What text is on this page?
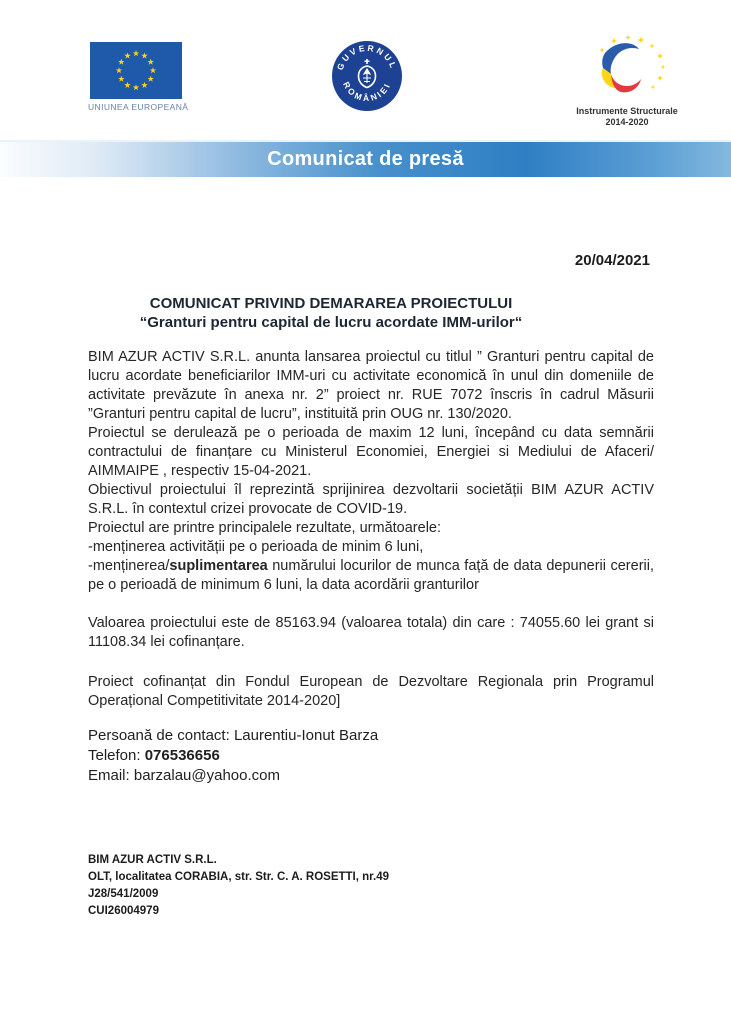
UNIUNEA EUROPEANĂ
GUVERNUL
ROMÂNIEI
Instrumente Structurale
2014-2020
Comunicat de presă
20/04/2021
COMUNICAT PRIVIND DEMARAREA PROIECTULUI
“Granturi pentru capital de lucru acordate IMM-urilor“

BIM AZUR ACTIV S.R.L. anunta lansarea proiectul cu titlul ” Granturi pentru capital de lucru acordate beneficiarilor IMM-uri cu activitate economică în unul din domeniile de activitate prevăzute în anexa nr. 2” proiect nr. RUE 7072 înscris în cadrul Măsurii ”Granturi pentru capital de lucru”, instituită prin OUG nr. 130/2020.

Proiectul se derulează pe o perioada de maxim 12 luni, începând cu data semnării contractului de finanțare cu Ministerul Economiei, Energiei si Mediului de Afaceri/ AIMMAIPE , respectiv 15-04-2021.

Obiectivul proiectului îl reprezintă sprijinirea dezvoltarii societății BIM AZUR ACTIV S.R.L. în contextul crizei provocate de COVID-19.

Proiectul are printre principalele rezultate, următoarele:

-menținerea activității pe o perioada de minim 6 luni,

-menținerea/suplimentarea numărului locurilor de munca față de data depunerii cererii, pe o perioadă de minimum 6 luni, la data acordării granturilor

Valoarea proiectului este de 85163.94 (valoarea totala) din care : 74055.60 lei grant si 11108.34 lei cofinanțare.

Proiect cofinanțat din Fondul European de Dezvoltare Regionala prin Programul Operațional Competitivitate 2014-2020]

Persoană de contact: Laurentiu-Ionut Barza

Telefon: 076536656

Email: barzalau@yahoo.com

BIM AZUR ACTIV S.R.L.

OLT, localitatea CORABIA, str. Str. C. A. ROSETTI, nr.49

J28/541/2009

CUI26004979
